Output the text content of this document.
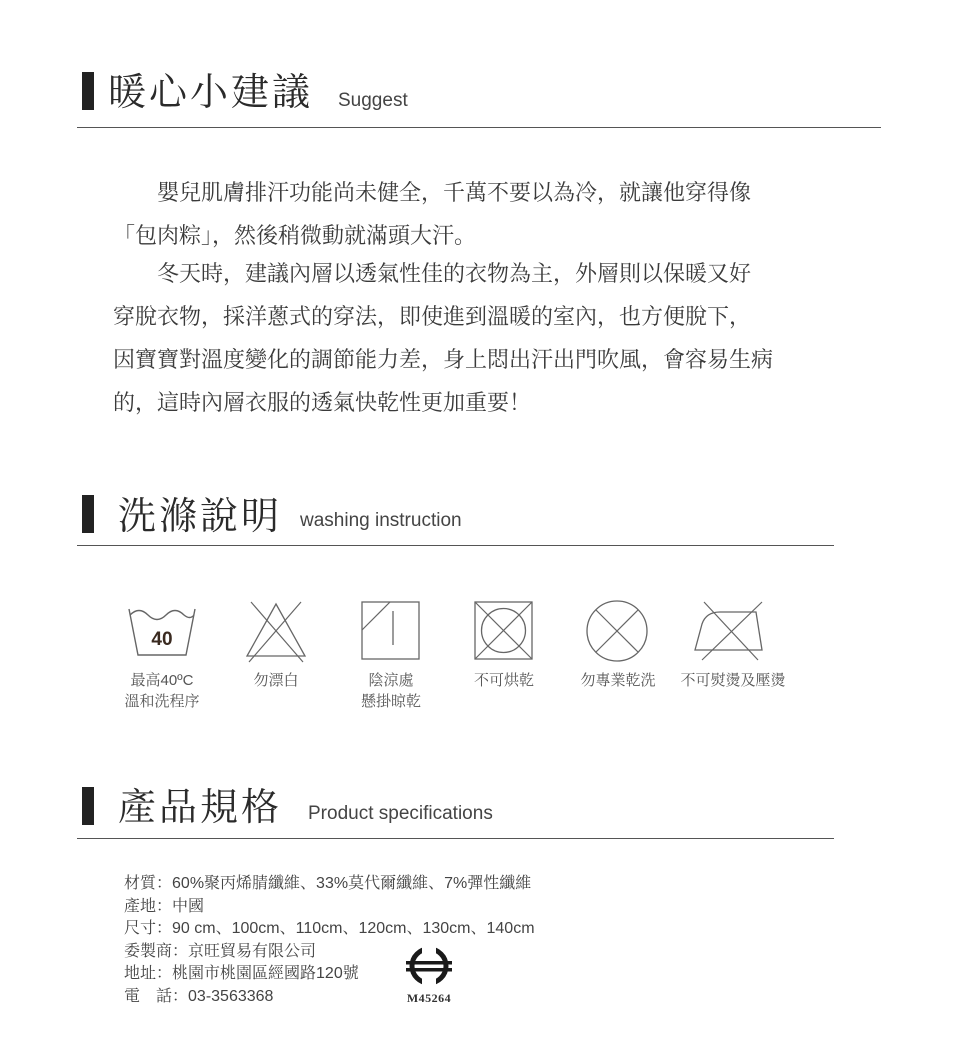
暖心小建議 Suggest

　　嬰兒肌膚排汗功能尚未健全，千萬不要以為冷，就讓他穿得像

「包肉粽」，然後稍微動就滿頭大汗。

　　冬天時，建議內層以透氣性佳的衣物為主，外層則以保暖又好

穿脫衣物，採洋蔥式的穿法，即使進到溫暖的室內，也方便脫下，

因寶寶對溫度變化的調節能力差，身上悶出汗出門吹風，會容易生病

的，這時內層衣服的透氣快乾性更加重要！

洗滌說明 washing instruction
40
最高40ºC
溫和洗程序
勿漂白	陰涼處
懸掛晾乾
不可烘乾	勿專業乾洗	不可熨燙及壓燙
產品規格 Product specifications
材質：60%聚丙烯腈纖維、33%莫代爾纖維、7%彈性纖維
產地：中國
尺寸：90 cm、100cm、110cm、120cm、130cm、140cm
委製商：京旺貿易有限公司
地址：桃園市桃園區經國路120號
電　話：03-3563368	M45264
